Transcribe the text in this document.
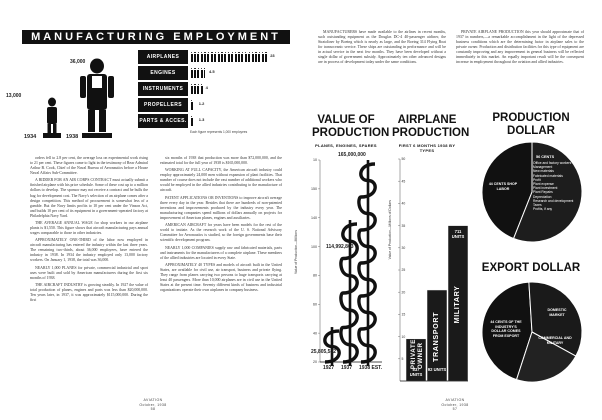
MANUFACTURING EMPLOYMENT
13,000
36,000
1934	1938
AIRPLANES	23
ENGINES	4.5
INSTRUMENTS	4
PROPELLERS	1.2
PARTS & ACCES.	1.3
Each figure represents 1,000 employees

orders fell to 2.8 per cent, the average loss on experimental work rising to 21 per cent. These figures came to light in the testimony of Rear Admiral Arthur B. Cook, Chief of the Naval Bureau of Aeronautics before a House Naval Affairs Sub-Committee.

A BIDDER FOR AN AIR CORPS CONTRACT must actually submit a finished airplane with his price schedule. Some of these cost up to a million dollars to develop. The sponsor may not receive a contract and he bulls the bag for development cost. The Navy's selection of an airplane comes after a design competition. This method of procurement is somewhat less of a gamble. But the Navy limits profits to 10 per cent under the Vinson Act, and builds 10 per cent of its equipment in a government-operated factory at Philadelphia Navy Yard.

THE AVERAGE ANNUAL WAGE for shop workers in our airplane plants is $1,550. This figure shows that aircraft manufacturing pays annual wages comparable to those in other industries.

APPROXIMATELY ONE-THIRD of the labor now employed in aircraft manufacturing has entered the industry within the last three years. The remaining two-thirds, about 36,000 employees, have entered the industry in 1938. In 1934 the industry employed only 13,000 factory workers. On January 1, 1938, the total was 36,000.

NEARLY 1,000 PLANES for private, commercial industrial and sport uses were built and sold by American manufacturers during the first six months of 1938.

THE AIRCRAFT INDUSTRY is growing steadily. In 1927 the value of total production of planes, engines and parts was less than $20,000,000. Ten years later, in 1937, it was approximately $115,000,000. During the first

six months of 1938 that production was more than $72,000,000, and the estimated total for the full year of 1938 is $165,000,000.

WORKING AT FULL CAPACITY, the American aircraft industry could employ approximately 24,000 men without expansion of plant facilities. That number of course does not include the vast number of additional workers who would be employed in the allied industries contributing to the manufacture of aircraft.

PATENT APPLICATIONS OR INVENTIONS to improve aircraft average three every day in the year. Besides that there are hundreds of non-patented inventions and improvements produced by the industry every year. The manufacturing companies spend millions of dollars annually on projects for improvement of American planes, engines and auxiliaries.

AMERICAN AIRCRAFT for years have been models for the rest of the world to imitate. As the research work of the U. S. National Advisory Committee for Aeronautics is studied, so the foreign governments base their scientific development program.

NEARLY 1,000 COMPANIES supply raw and fabricated materials, parts and instruments for the manufacturers of a complete airplane. These members of the allied industries are located in every State.

APPROXIMATELY 40 TYPES and models of aircraft built in the United States, are available for civil use, air transport, business and private flying. They range from planes carrying two persons to huge transports carrying at least 40 passengers. More than 10,000 airplanes are in civil use in the United States at the present time. Seventy different kinds of business and industrial organizations operate their own airplanes in company business.

AVIATION
October, 1938
58

MANUFACTURERS have made available to the airlines in recent months, such outstanding equipment as the Douglas DC-4 40-passenger airliner, the Stratoliner by Boeing which is nearly as large, and the Boeing 314 Flying Boat for transoceanic service. These ships are outstanding in performance and will be in actual service in the next few months. They have been developed without a single dollar of government subsidy. Approximately ten other advanced designs are in process of development today under the same conditions.

PRIVATE AIRPLANE PRODUCTION this year should approximate that of 1937 in numbers,—a remarkable accomplishment in the light of the depressed business conditions which are the determining factor in airplane sales to the private owner. Production and distribution facilities for this type of equipment are constantly improving and any improvement in general business will be reflected immediately in this market. An equally important result will be the consequent increase in employment throughout the aviation and allied industries.

VALUE OF PRODUCTION
PLANES, ENGINES, SPARES
10
150
140
100
80
60
40
20
Value of Production—Millions
165,000,000
114,992,863
25,805,532
1927 1937 1938 EST.
AIRPLANE PRODUCTION
FIRST 6 MONTHS 1938 BY TYPES
50
45
40
35
30
25
20
15
10
5
Value of Production—Millions of Dollars
PRIVATE OWNER
837 UNITS
TRANSPORT
92 UNITS
MILITARY
711 UNITS
PRODUCTION DOLLAR
44 CENTS SHOP LABOR
56 CENTS
Office and factory workers
Management
New materials
Fabricated materials
Profit
Plant expense
Plant investment
Plant Repairs
Depreciation
Research and development
Taxes
Profits, if any
EXPORT DOLLAR
44 CENTS OF THE INDUSTRY'S DOLLAR COMES FROM EXPORT
DOMESTIC MARKET
COMMERCIAL AND MILITARY
AVIATION
October, 1938
57
